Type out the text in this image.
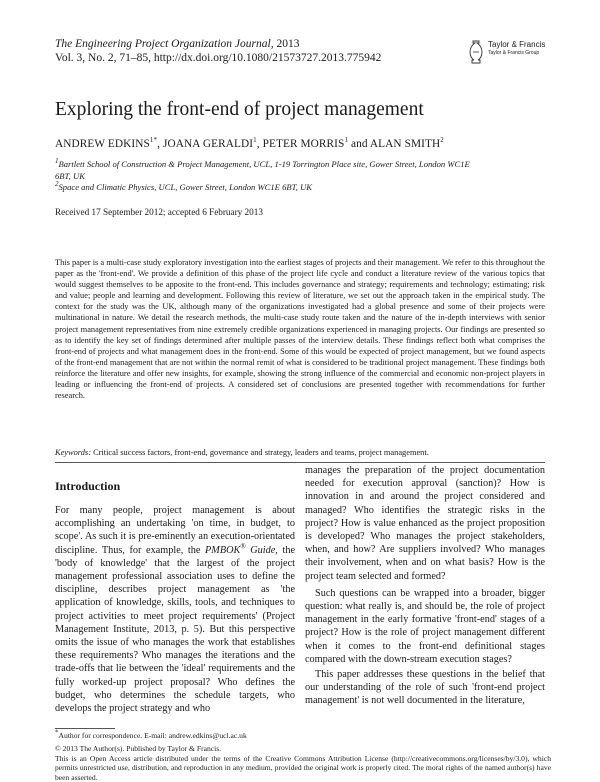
The Engineering Project Organization Journal, 2013
Vol. 3, No. 2, 71–85, http://dx.doi.org/10.1080/21573727.2013.775942
Taylor & Francis
Taylor & Francis Group
Exploring the front-end of project management
ANDREW $EDKINS^{1*}$, JOANA GERALDI$^1$, PETER MORRIS$^1$ and ALAN SMITH$^2$
$^1$Bartlett School of Construction & Project Management, UCL, 1-19 Torrington Place site, Gower Street, London WC1E 6BT, UK
$^2$Space and Climatic Physics, UCL, Gower Street, London WC1E 6BT, UK
Received 17 September 2012; accepted 6 February 2013

This paper is a multi-case study exploratory investigation into the earliest stages of projects and their management. We refer to this throughout the paper as the 'front-end'. We provide a definition of this phase of the project life cycle and conduct a literature review of the various topics that would suggest themselves to be apposite to the front-end. This includes governance and strategy; requirements and technology; estimating; risk and value; people and learning and development. Following this review of literature, we set out the approach taken in the empirical study. The context for the study was the UK, although many of the organizations investigated had a global presence and some of their projects were multinational in nature. We detail the research methods, the multi-case study route taken and the nature of the in-depth interviews with senior project management representatives from nine extremely credible organizations experienced in managing projects. Our findings are presented so as to identify the key set of findings determined after multiple passes of the interview details. These findings reflect both what comprises the front-end of projects and what management does in the front-end. Some of this would be expected of project management, but we found aspects of the front-end management that are not within the normal remit of what is considered to be traditional project management. These findings both reinforce the literature and offer new insights, for example, showing the strong influence of the commercial and economic non-project players in leading or influencing the front-end of projects. A considered set of conclusions are presented together with recommendations for further research.

Keywords: Critical success factors, front-end, governance and strategy, leaders and teams, project management.
Introduction

For many people, project management is about accomplishing an undertaking 'on time, in budget, to scope'. As such it is pre-eminently an execution-orientated discipline. Thus, for example, the PMBOK® Guide, the 'body of knowledge' that the largest of the project management professional association uses to define the discipline, describes project management as 'the application of knowledge, skills, tools, and techniques to project activities to meet project requirements' (Project Management Institute, 2013, p. 5). But this perspective omits the issue of who manages the work that establishes these requirements? Who manages the iterations and the trade-offs that lie between the 'ideal' requirements and the fully worked-up project proposal? Who defines the budget, who determines the schedule targets, who develops the project strategy and who

manages the preparation of the project documentation needed for execution approval (sanction)? How is innovation in and around the project considered and managed? Who identifies the strategic risks in the project? How is value enhanced as the project proposition is developed? Who manages the project stakeholders, when, and how? Are suppliers involved? Who manages their involvement, when and on what basis? How is the project team selected and formed?

Such questions can be wrapped into a broader, bigger question: what really is, and should be, the role of project management in the early formative 'front-end' stages of a project? How is the role of project management different when it comes to the front-end definitional stages compared with the down-stream execution stages?

This paper addresses these questions in the belief that our understanding of the role of such 'front-end project management' is not well documented in the literature,

*Author for correspondence. E-mail: andrew.edkins@ucl.ac.uk

© 2013 The Author(s). Published by Taylor & Francis.

This is an Open Access article distributed under the terms of the Creative Commons Attribution License (http://creativecommons.org/licenses/by/3.0), which permits unrestricted use, distribution, and reproduction in any medium, provided the original work is properly cited. The moral rights of the named author(s) have been asserted.
